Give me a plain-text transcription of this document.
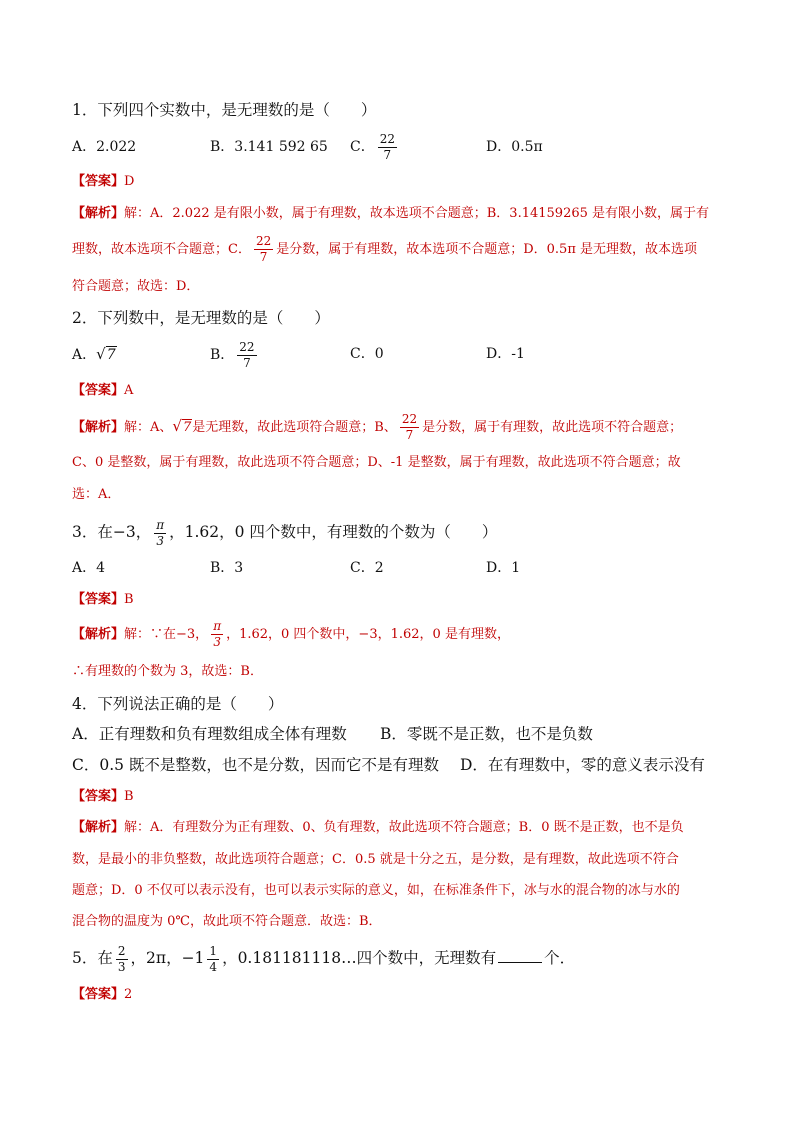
1．下列四个实数中，是无理数的是（　　）
A．2.022	B．3.141 592 65 C． $\frac{22}{7}$	D．0.5π
【答案】D
【解析】解：A．2.022 是有限小数，属于有理数，故本选项不合题意；B．3.14159265 是有限小数，属于有
理数，故本选项不合题意；C． $\frac{22}{7}$ 是分数，属于有理数，故本选项不合题意；D．0.5π 是无理数，故本选项
符合题意；故选：D．
2．下列数中，是无理数的是（　　）
A．√7	B． $\frac{22}{7}$	C．0	D．-1
【答案】A
【解析】解：A、√7是无理数，故此选项符合题意；B、 $\frac{22}{7}$ 是分数，属于有理数，故此选项不符合题意；
C、0 是整数，属于有理数，故此选项不符合题意；D、-1 是整数，属于有理数，故此选项不符合题意；故
选：A．
3．在−3， $\frac{\pi}{3}$ ，1.62，0 四个数中，有理数的个数为（　　）
A．4	B．3	C．2	D．1
【答案】B
【解析】解：∵在−3， $\frac{\pi}{3}$ ，1.62，0 四个数中，−3，1.62，0 是有理数，
∴有理数的个数为 3，故选：B．
4．下列说法正确的是（　　）
A．正有理数和负有理数组成全体有理数 B．零既不是正数，也不是负数
C．0.5 既不是整数，也不是分数，因而它不是有理数 D．在有理数中，零的意义表示没有
【答案】B
【解析】解：A．有理数分为正有理数、0、负有理数，故此选项不符合题意；B．0 既不是正数，也不是负
数，是最小的非负整数，故此选项符合题意；C．0.5 就是十分之五，是分数，是有理数，故此选项不符合
题意；D．0 不仅可以表示没有，也可以表示实际的意义，如，在标准条件下，冰与水的混合物的冰与水的
混合物的温度为 0℃，故此项不符合题意．故选：B．
5．在 $\frac{2}{3}$ ，2π，$-1 \frac{1}{4}$ ，0.181181118…四个数中，无理数有	个．
【答案】2
